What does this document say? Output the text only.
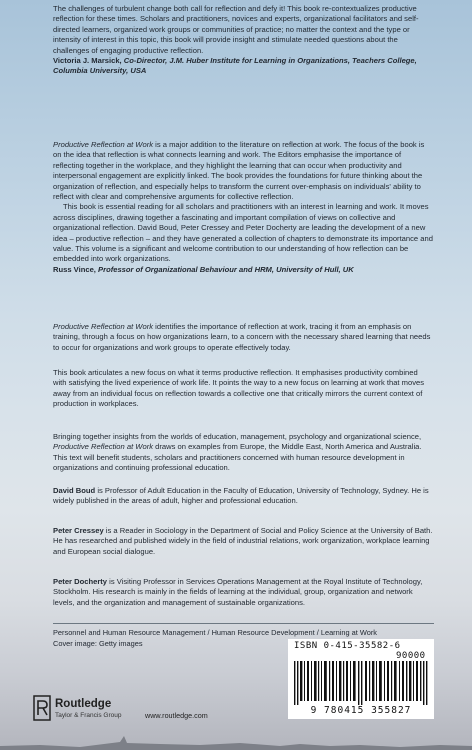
The challenges of turbulent change both call for reflection and defy it! This book re-contextualizes productive reflection for these times. Scholars and practitioners, novices and experts, organizational facilitators and self-directed learners, organized work groups or communities of practice; no matter the context and the type or intensity of interest in this topic, this book will provide insight and stimulate needed questions about the challenges of engaging productive reflection.

Victoria J. Marsick, Co-Director, J.M. Huber Institute for Learning in Organizations, Teachers College, Columbia University, USA

Productive Reflection at Work is a major addition to the literature on reflection at work. The focus of the book is on the idea that reflection is what connects learning and work. The Editors emphasise the importance of reflecting together in the workplace, and they highlight the learning that can occur when productivity and interpersonal engagement are explicitly linked. The book provides the foundations for future thinking about the organization of reflection, and especially helps to transform the current over-emphasis on individuals' ability to reflect with clear and comprehensive arguments for collective reflection.

This book is essential reading for all scholars and practitioners with an interest in learning and work. It moves across disciplines, drawing together a fascinating and important compilation of views on collective and organizational reflection. David Boud, Peter Cressey and Peter Docherty are leading the development of a new idea – productive reflection – and they have generated a collection of chapters to demonstrate its importance and value. This volume is a significant and welcome contribution to our understanding of how reflection can be embedded into work organizations.

Russ Vince, Professor of Organizational Behaviour and HRM, University of Hull, UK

Productive Reflection at Work identifies the importance of reflection at work, tracing it from an emphasis on training, through a focus on how organizations learn, to a concern with the necessary shared learning that needs to occur for organizations and work groups to operate effectively today.

This book articulates a new focus on what it terms productive reflection. It emphasises productivity combined with satisfying the lived experience of work life. It points the way to a new focus on learning at work that moves away from an individual focus on reflection towards a collective one that critically mirrors the current context of production in workplaces.

Bringing together insights from the worlds of education, management, psychology and organizational science, Productive Reflection at Work draws on examples from Europe, the Middle East, North America and Australia. This text will benefit students, scholars and practitioners concerned with human resource development in organizations and continuing professional education.

David Boud is Professor of Adult Education in the Faculty of Education, University of Technology, Sydney. He is widely published in the areas of adult, higher and professional education.

Peter Cressey is a Reader in Sociology in the Department of Social and Policy Science at the University of Bath. He has researched and published widely in the field of industrial relations, work organization, workplace learning and European social dialogue.

Peter Docherty is Visiting Professor in Services Operations Management at the Royal Institute of Technology, Stockholm. His research is mainly in the fields of learning at the individual, group, organization and network levels, and the organization and management of sustainable organizations.

Personnel and Human Resource Management / Human Resource Development / Learning at Work
Cover image: Getty images	ISBN 0-415-35582-6
90000
9 780415 355827
Routledge
Taylor & Francis Group	www.routledge.com
